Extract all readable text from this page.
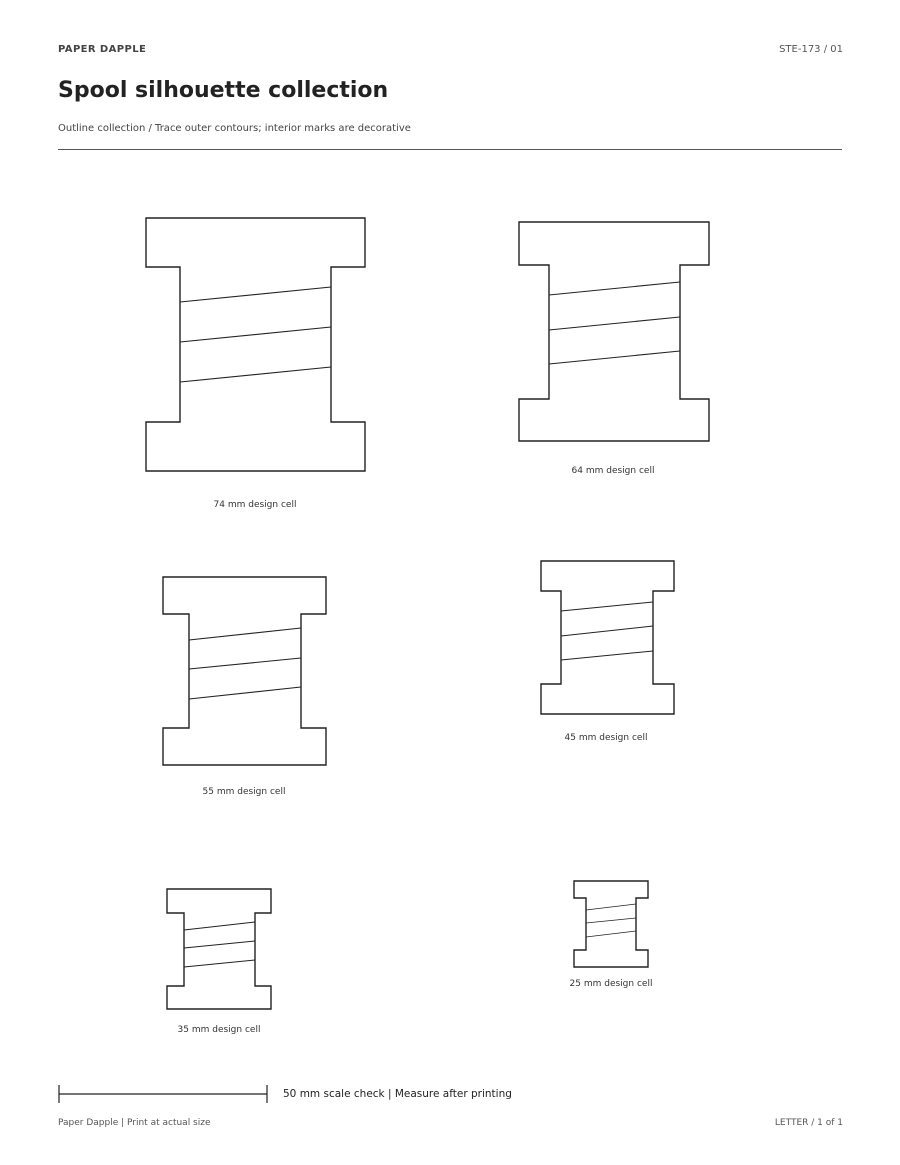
PAPER DAPPLE	STE-173 / 01
Spool silhouette collection
Outline collection / Trace outer contours; interior marks are decorative
74 mm design cell
64 mm design cell
55 mm design cell
45 mm design cell
35 mm design cell
25 mm design cell
50 mm scale check | Measure after printing
Paper Dapple | Print at actual size	LETTER / 1 of 1
